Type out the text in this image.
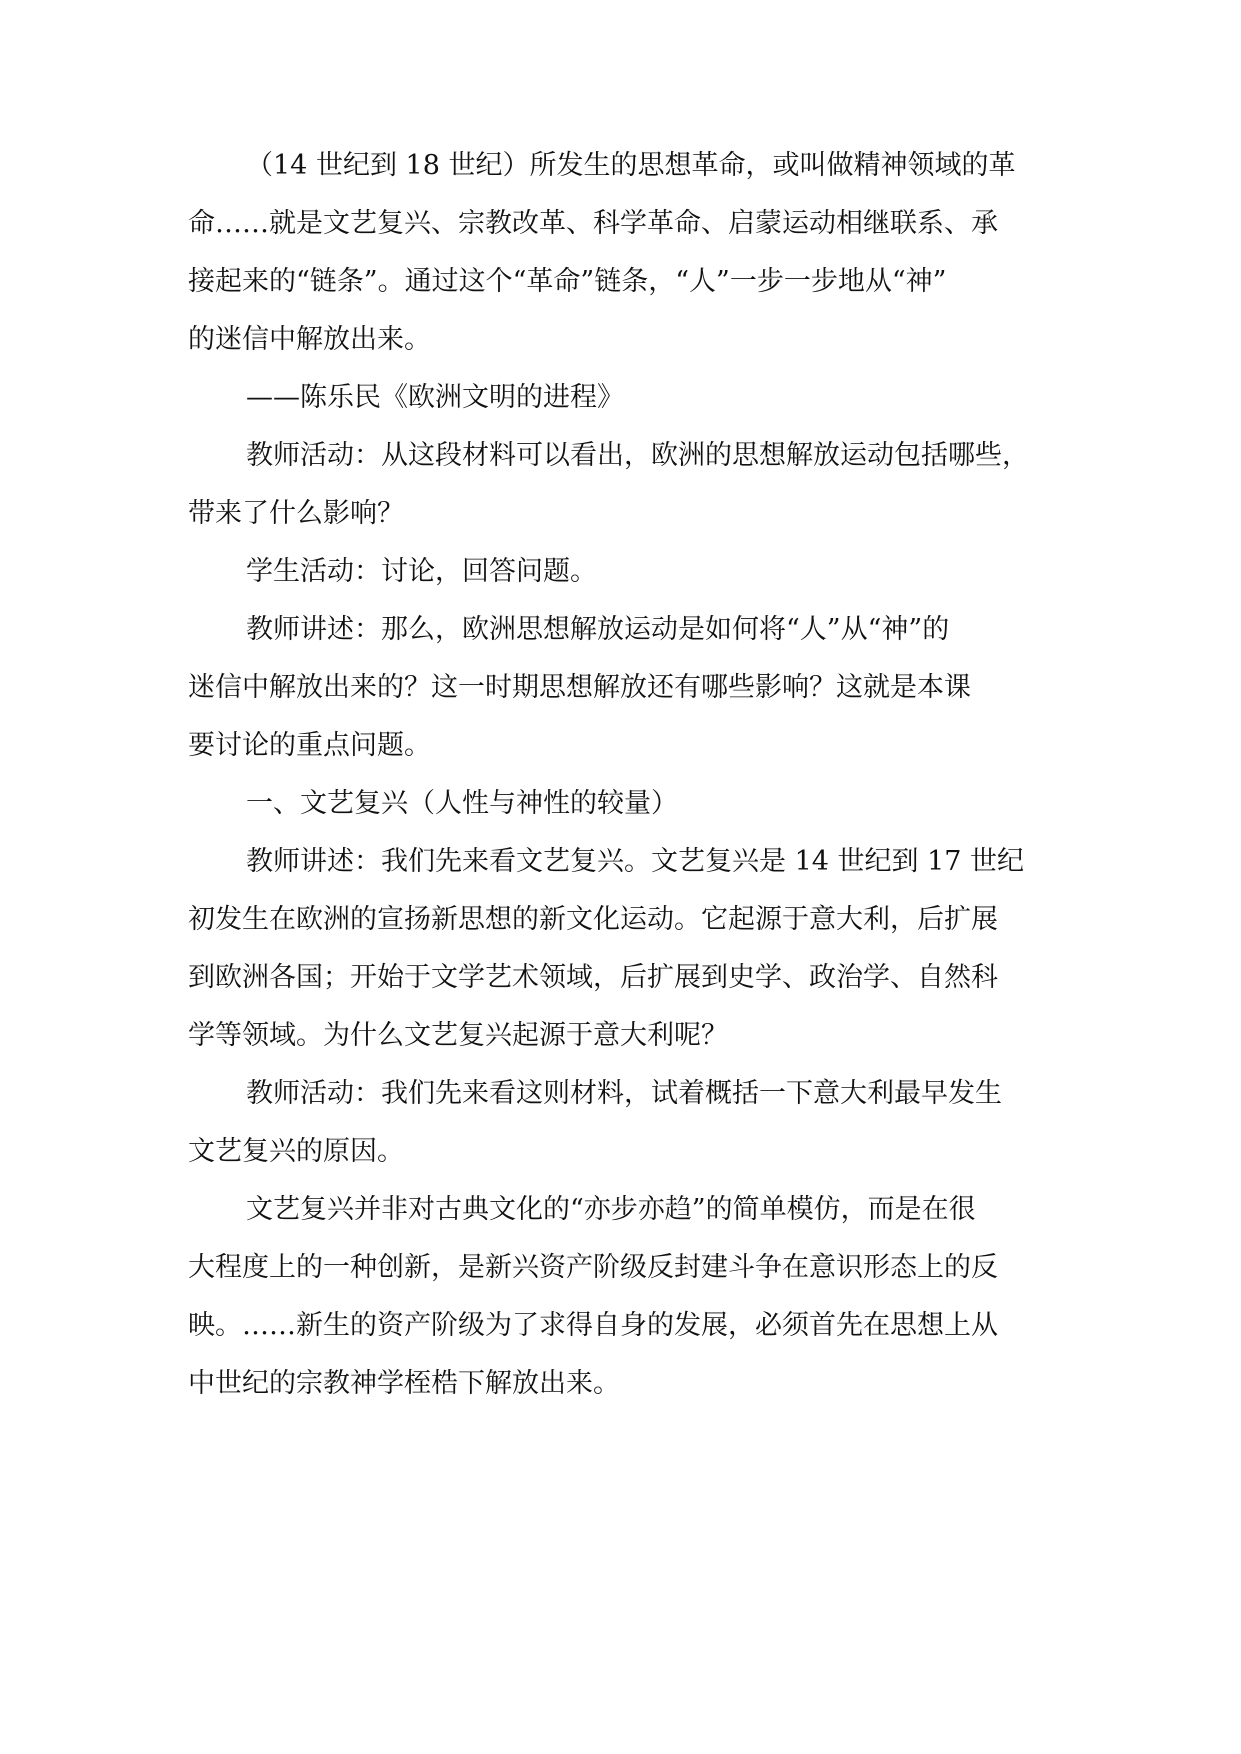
（14 世纪到 18 世纪）所发生的思想革命，或叫做精神领域的革
命……就是文艺复兴、宗教改革、科学革命、启蒙运动相继联系、承
接起来的“链条”。通过这个“革命”链条，“人”一步一步地从“神”
的迷信中解放出来。
——陈乐民《欧洲文明的进程》
教师活动：从这段材料可以看出，欧洲的思想解放运动包括哪些，
带来了什么影响？
学生活动：讨论，回答问题。
教师讲述：那么，欧洲思想解放运动是如何将“人”从“神”的
迷信中解放出来的？这一时期思想解放还有哪些影响？这就是本课
要讨论的重点问题。
一、文艺复兴（人性与神性的较量）
教师讲述：我们先来看文艺复兴。文艺复兴是 14 世纪到 17 世纪
初发生在欧洲的宣扬新思想的新文化运动。它起源于意大利，后扩展
到欧洲各国；开始于文学艺术领域，后扩展到史学、政治学、自然科
学等领域。为什么文艺复兴起源于意大利呢？
教师活动：我们先来看这则材料，试着概括一下意大利最早发生
文艺复兴的原因。
文艺复兴并非对古典文化的“亦步亦趋”的简单模仿，而是在很
大程度上的一种创新，是新兴资产阶级反封建斗争在意识形态上的反
映。……新生的资产阶级为了求得自身的发展，必须首先在思想上从
中世纪的宗教神学桎梏下解放出来。
